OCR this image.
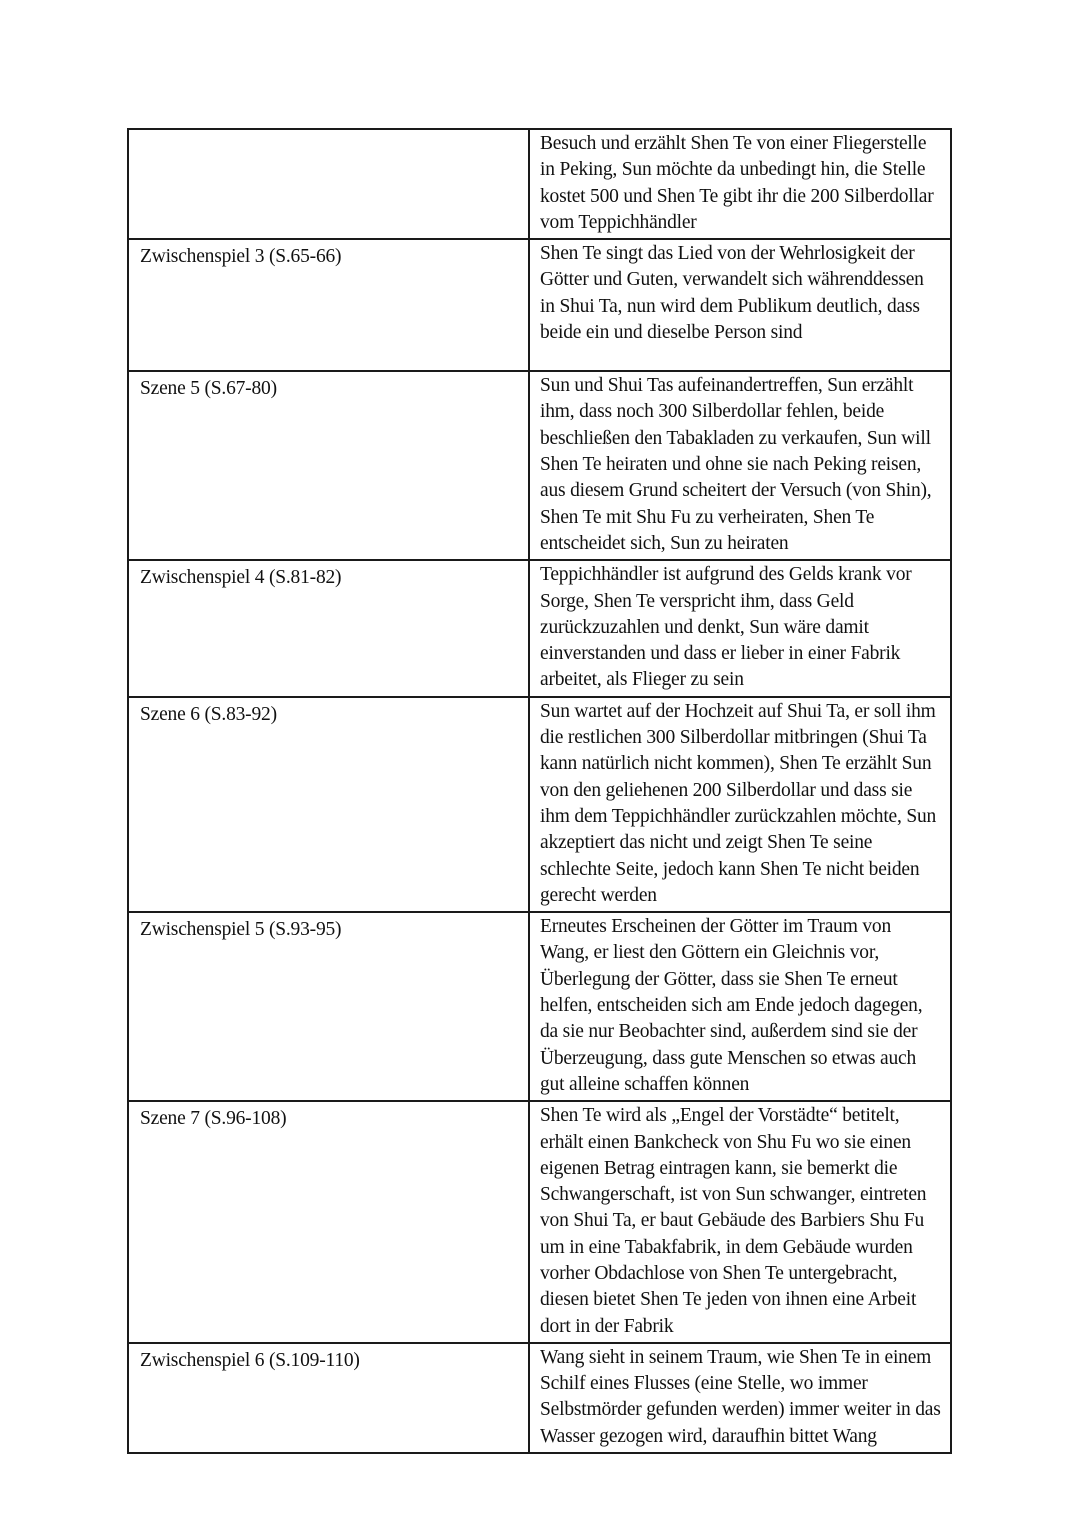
	Besuch und erzählt Shen Te von einer Fliegerstelle in Peking, Sun möchte da unbedingt hin, die Stelle kostet 500 und Shen Te gibt ihr die 200 Silberdollar vom Teppichhändler

Zwischenspiel 3 (S.65-66)	Shen Te singt das Lied von der Wehrlosigkeit der Götter und Guten, verwandelt sich währenddessen in Shui Ta, nun wird dem Publikum deutlich, dass beide ein und dieselbe Person sind

Szene 5 (S.67-80)	Sun und Shui Tas aufeinandertreffen, Sun erzählt ihm, dass noch 300 Silberdollar fehlen, beide beschließen den Tabakladen zu verkaufen, Sun will Shen Te heiraten und ohne sie nach Peking reisen, aus diesem Grund scheitert der Versuch (von Shin), Shen Te mit Shu Fu zu verheiraten, Shen Te entscheidet sich, Sun zu heiraten

Zwischenspiel 4 (S.81-82)	Teppichhändler ist aufgrund des Gelds krank vor Sorge, Shen Te verspricht ihm, dass Geld zurückzuzahlen und denkt, Sun wäre damit einverstanden und dass er lieber in einer Fabrik arbeitet, als Flieger zu sein

Szene 6 (S.83-92)	Sun wartet auf der Hochzeit auf Shui Ta, er soll ihm die restlichen 300 Silberdollar mitbringen (Shui Ta kann natürlich nicht kommen), Shen Te erzählt Sun von den geliehenen 200 Silberdollar und dass sie ihm dem Teppichhändler zurückzahlen möchte, Sun akzeptiert das nicht und zeigt Shen Te seine schlechte Seite, jedoch kann Shen Te nicht beiden gerecht werden

Zwischenspiel 5 (S.93-95)	Erneutes Erscheinen der Götter im Traum von Wang, er liest den Göttern ein Gleichnis vor, Überlegung der Götter, dass sie Shen Te erneut helfen, entscheiden sich am Ende jedoch dagegen, da sie nur Beobachter sind, außerdem sind sie der Überzeugung, dass gute Menschen so etwas auch gut alleine schaffen können

Szene 7 (S.96-108)	Shen Te wird als „Engel der Vorstädte“ betitelt, erhält einen Bankcheck von Shu Fu wo sie einen eigenen Betrag eintragen kann, sie bemerkt die Schwangerschaft, ist von Sun schwanger, eintreten von Shui Ta, er baut Gebäude des Barbiers Shu Fu um in eine Tabakfabrik, in dem Gebäude wurden vorher Obdachlose von Shen Te untergebracht, diesen bietet Shen Te jeden von ihnen eine Arbeit dort in der Fabrik

Zwischenspiel 6 (S.109-110)	Wang sieht in seinem Traum, wie Shen Te in einem Schilf eines Flusses (eine Stelle, wo immer Selbstmörder gefunden werden) immer weiter in das Wasser gezogen wird, daraufhin bittet Wang
